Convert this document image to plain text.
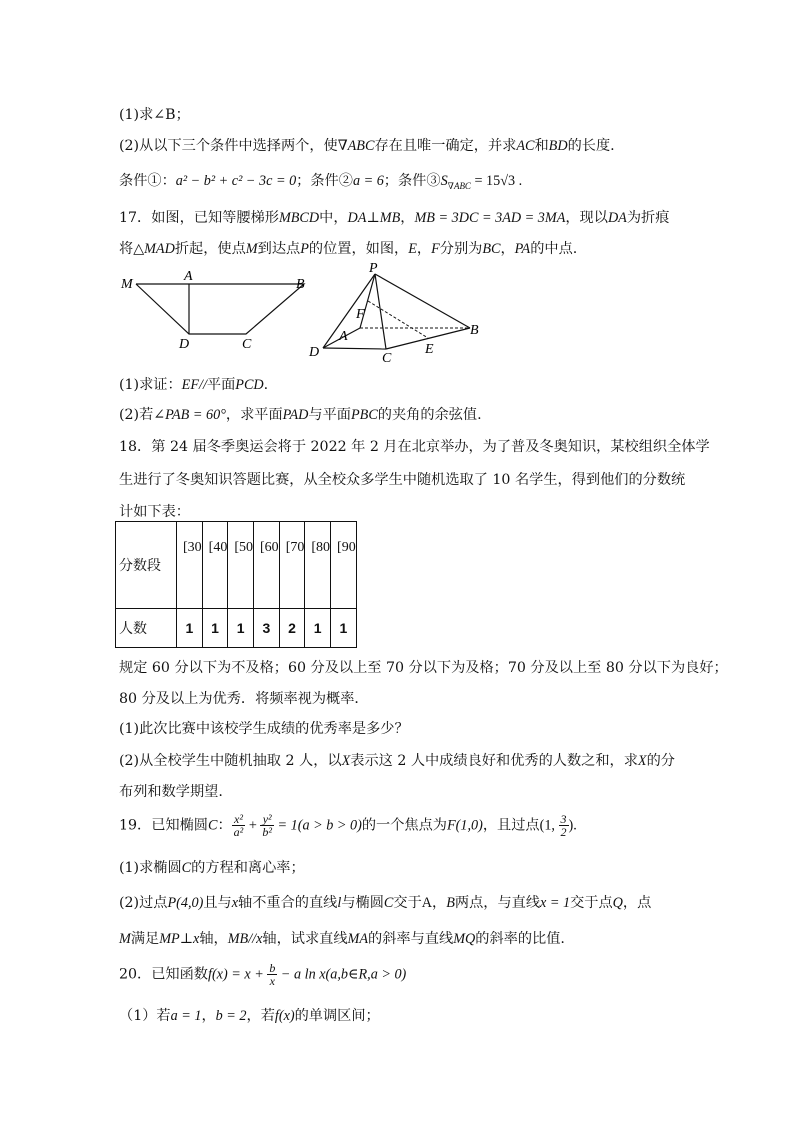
(1)求∠B；
(2)从以下三个条件中选择两个，使∇ABC存在且唯一确定，并求AC和BD的长度.
条件①：a² − b² + c² − 3c = 0；条件②a = 6；条件$③S_{\nabla ABC} = 15√3$ .
17．如图，已知等腰梯形MBCD中，DA⊥MB，MB = 3DC = 3AD = 3MA，现以DA为折痕
将△MAD折起，使点M到达点P的位置，如图，E，F分别为BC，PA的中点.
M
A
B
D	C
P
F
A	B
D	C
E
(1)求证：EF//平面PCD.
(2)若∠PAB = 60°，求平面PAD与平面PBC的夹角的余弦值.
18．第 24 届冬季奥运会将于 2022 年 2 月在北京举办，为了普及冬奥知识，某校组织全体学
生进行了冬奥知识答题比赛，从全校众多学生中随机选取了 10 名学生，得到他们的分数统
计如下表：
分数段	[30	[40	[50	[60	[70	[80	[90

人数	1	1	1	3	2	1	1
规定 60 分以下为不及格；60 分及以上至 70 分以下为及格；70 分及以上至 80 分以下为良好；
80 分及以上为优秀．将频率视为概率．
(1)此次比赛中该校学生成绩的优秀率是多少？
(2)从全校学生中随机抽取 2 人，以X表示这 2 人中成绩良好和优秀的人数之和，求X的分
布列和数学期望.
19．已知椭圆C： $\frac{\text{x²}}{\text{a²}} + \frac{\text{y²}}{\text{b²}} = 1(a > b > 0)$的一个焦点为F(1,0)，且过点(1, $\frac{3}{2}$ ).
(1)求椭圆C的方程和离心率；
(2)过点P(4,0)且与x轴不重合的直线l与椭圆C交于A，B两点，与直线x = 1交于点Q，点
M满足MP⊥x轴，MB//x轴，试求直线MA的斜率与直线MQ的斜率的比值.
20．已知函数$f(x) = x + \frac{b}{x} - a$ ln x(a,b∈R,a > 0)
（1）若a = 1，b = 2，若f(x)的单调区间；
